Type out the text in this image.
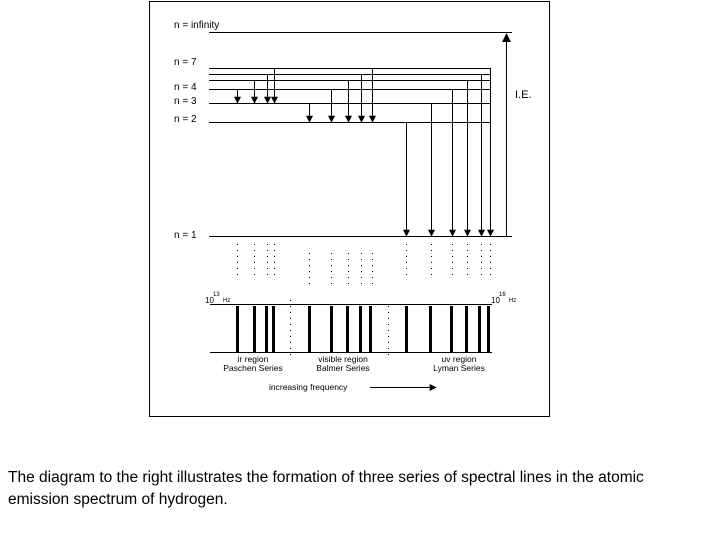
n = infinity
n = 7
n = 4
n = 3
n = 2
n = 1
I.E.
10
13
Hz	10
16
Hz
ir region
Paschen Series
visible region
Balmer Series
uv region
Lyman Series
increasing frequency
The diagram to the right illustrates the formation of three series of spectral lines in the atomic emission spectrum of hydrogen.
